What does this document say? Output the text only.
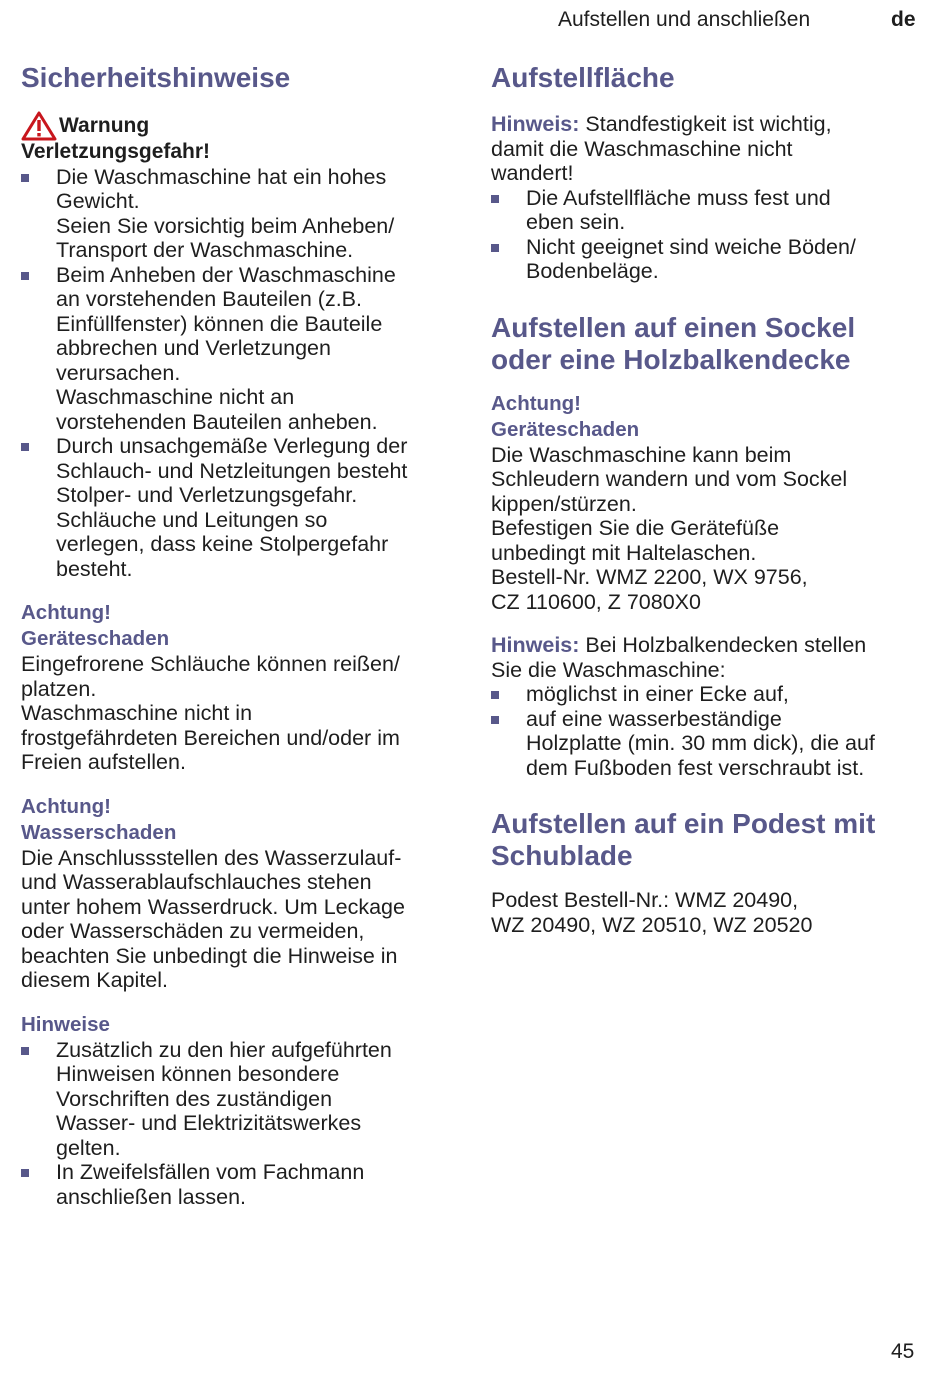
Aufstellen und anschließen	de
Sicherheitshinweise
Warnung
Verletzungsgefahr!
Die Waschmaschine hat ein hohes
Gewicht.
Seien Sie vorsichtig beim Anheben/
Transport der Waschmaschine.
Beim Anheben der Waschmaschine
an vorstehenden Bauteilen (z.B.
Einfüllfenster) können die Bauteile
abbrechen und Verletzungen
verursachen.
Waschmaschine nicht an
vorstehenden Bauteilen anheben.
Durch unsachgemäße Verlegung der
Schlauch- und Netzleitungen besteht
Stolper- und Verletzungsgefahr.
Schläuche und Leitungen so
verlegen, dass keine Stolpergefahr
besteht.
Achtung!
Geräteschaden

Eingefrorene Schläuche können reißen/
platzen.
Waschmaschine nicht in
frostgefährdeten Bereichen und/oder im
Freien aufstellen.

Achtung!
Wasserschaden

Die Anschlussstellen des Wasserzulauf-
und Wasserablaufschlauches stehen
unter hohem Wasserdruck. Um Leckage
oder Wasserschäden zu vermeiden,
beachten Sie unbedingt die Hinweise in
diesem Kapitel.

Hinweise
Zusätzlich zu den hier aufgeführten
Hinweisen können besondere
Vorschriften des zuständigen
Wasser- und Elektrizitätswerkes
gelten.
In Zweifelsfällen vom Fachmann
anschließen lassen.
Aufstellfläche

Hinweis: Standfestigkeit ist wichtig,
damit die Waschmaschine nicht
wandert!

Die Aufstellfläche muss fest und
eben sein.
Nicht geeignet sind weiche Böden/
Bodenbeläge.
Aufstellen auf einen Sockel
oder eine Holzbalkendecke
Achtung!
Geräteschaden

Die Waschmaschine kann beim
Schleudern wandern und vom Sockel
kippen/stürzen.
Befestigen Sie die Gerätefüße
unbedingt mit Haltelaschen.
Bestell-Nr. WMZ 2200, WX 9756,
CZ 110600, Z 7080X0

Hinweis: Bei Holzbalkendecken stellen
Sie die Waschmaschine:

möglichst in einer Ecke auf,
auf eine wasserbeständige
Holzplatte (min. 30 mm dick), die auf
dem Fußboden fest verschraubt ist.
Aufstellen auf ein Podest mit
Schublade

Podest Bestell-Nr.: WMZ 20490,
WZ 20490, WZ 20510, WZ 20520

45
